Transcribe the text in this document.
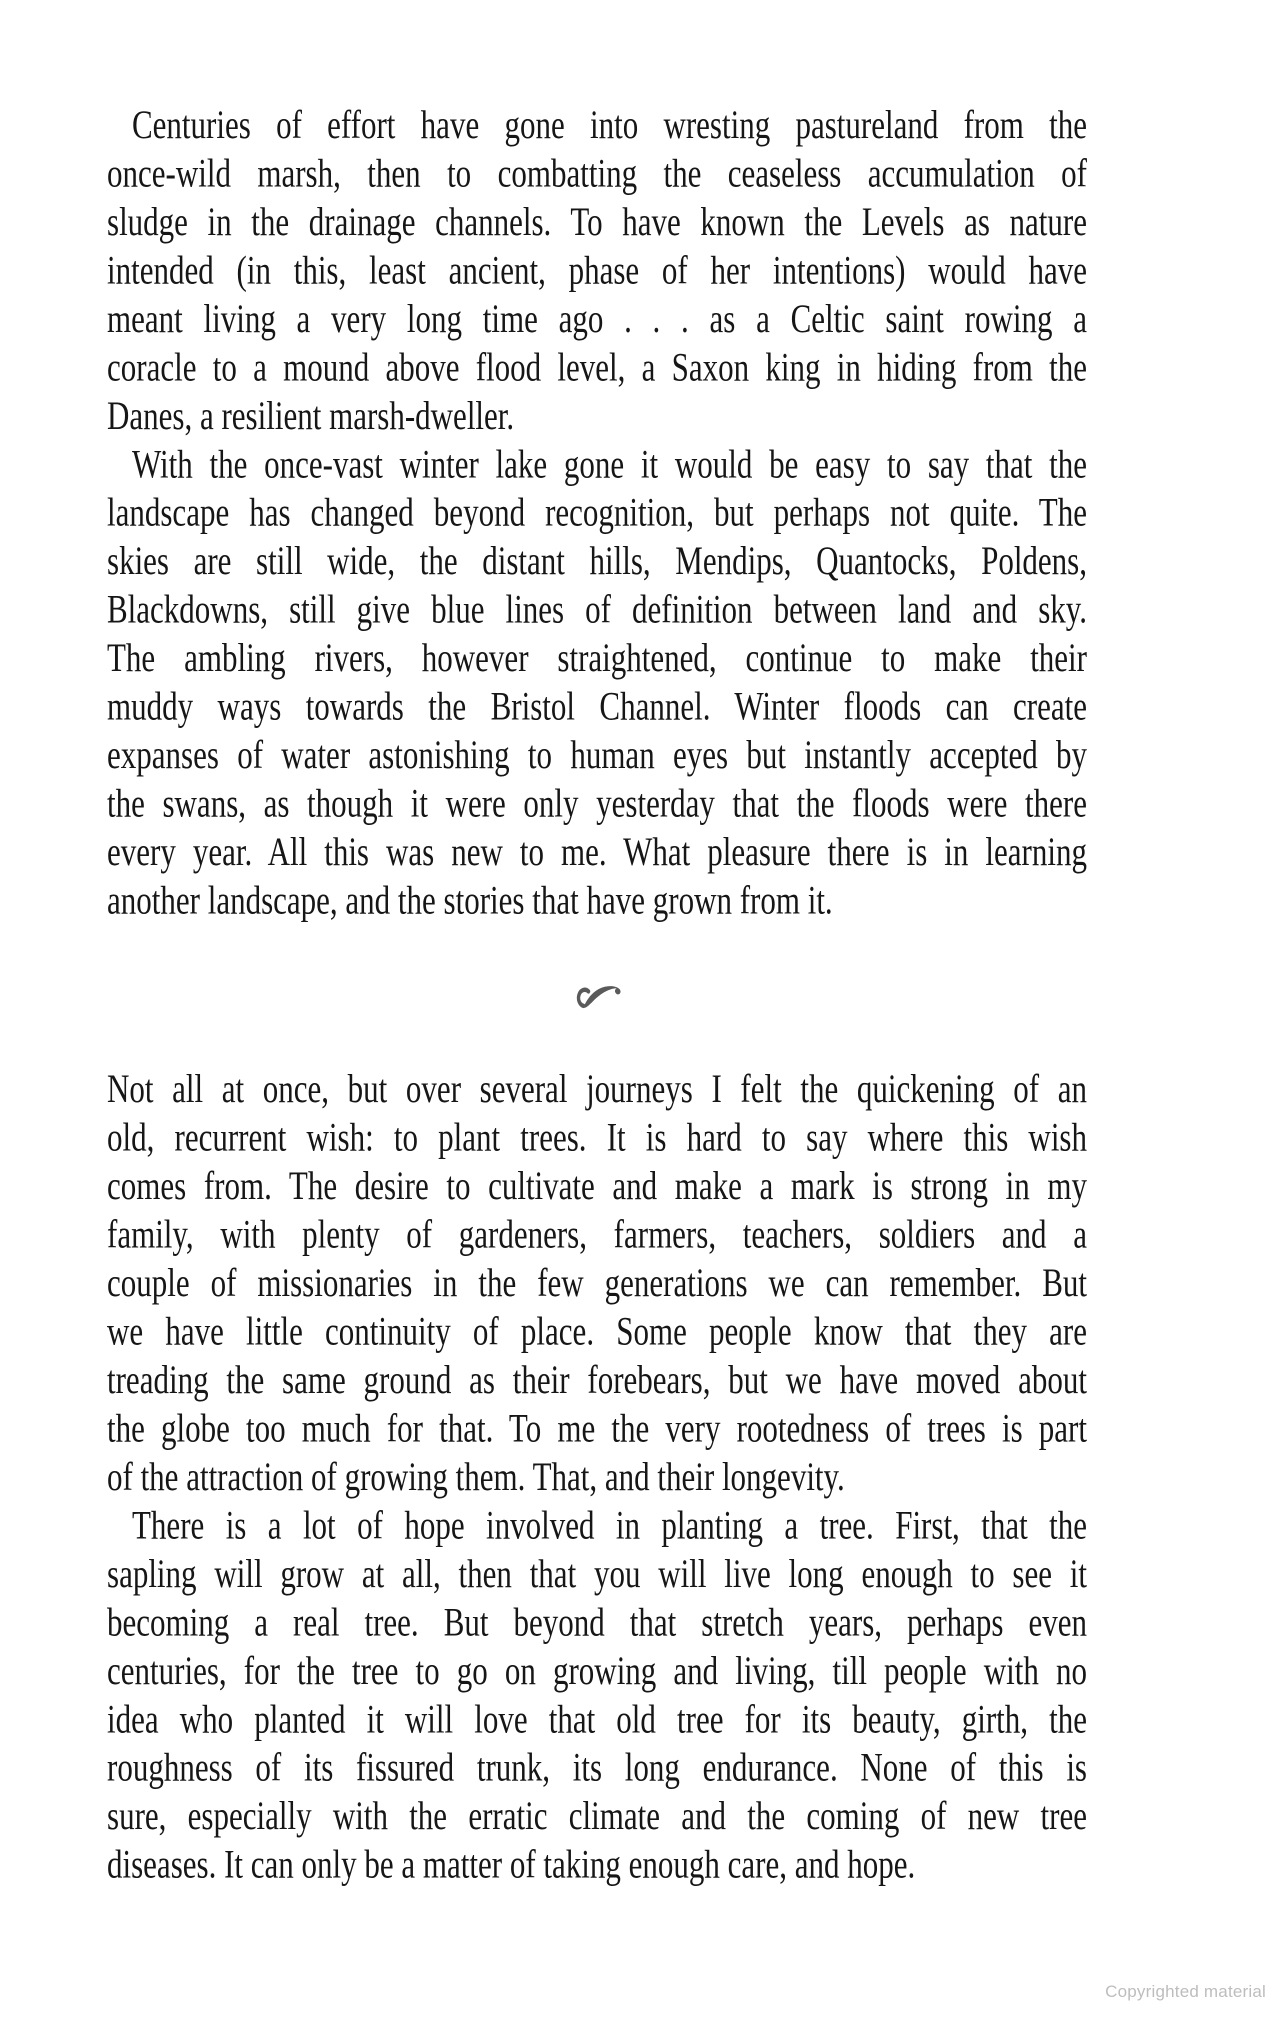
Centuries of effort have gone into wresting pastureland from the
once-wild marsh, then to combatting the ceaseless accumulation of
sludge in the drainage channels. To have known the Levels as nature
intended (in this, least ancient, phase of her intentions) would have
meant living a very long time ago . . . as a Celtic saint rowing a
coracle to a mound above flood level, a Saxon king in hiding from the
Danes, a resilient marsh-dweller.
With the once-vast winter lake gone it would be easy to say that the
landscape has changed beyond recognition, but perhaps not quite. The
skies are still wide, the distant hills, Mendips, Quantocks, Poldens,
Blackdowns, still give blue lines of definition between land and sky.
The ambling rivers, however straightened, continue to make their
muddy ways towards the Bristol Channel. Winter floods can create
expanses of water astonishing to human eyes but instantly accepted by
the swans, as though it were only yesterday that the floods were there
every year. All this was new to me. What pleasure there is in learning
another landscape, and the stories that have grown from it.
Not all at once, but over several journeys I felt the quickening of an
old, recurrent wish: to plant trees. It is hard to say where this wish
comes from. The desire to cultivate and make a mark is strong in my
family, with plenty of gardeners, farmers, teachers, soldiers and a
couple of missionaries in the few generations we can remember. But
we have little continuity of place. Some people know that they are
treading the same ground as their forebears, but we have moved about
the globe too much for that. To me the very rootedness of trees is part
of the attraction of growing them. That, and their longevity.
There is a lot of hope involved in planting a tree. First, that the
sapling will grow at all, then that you will live long enough to see it
becoming a real tree. But beyond that stretch years, perhaps even
centuries, for the tree to go on growing and living, till people with no
idea who planted it will love that old tree for its beauty, girth, the
roughness of its fissured trunk, its long endurance. None of this is
sure, especially with the erratic climate and the coming of new tree
diseases. It can only be a matter of taking enough care, and hope.
Copyrighted material
